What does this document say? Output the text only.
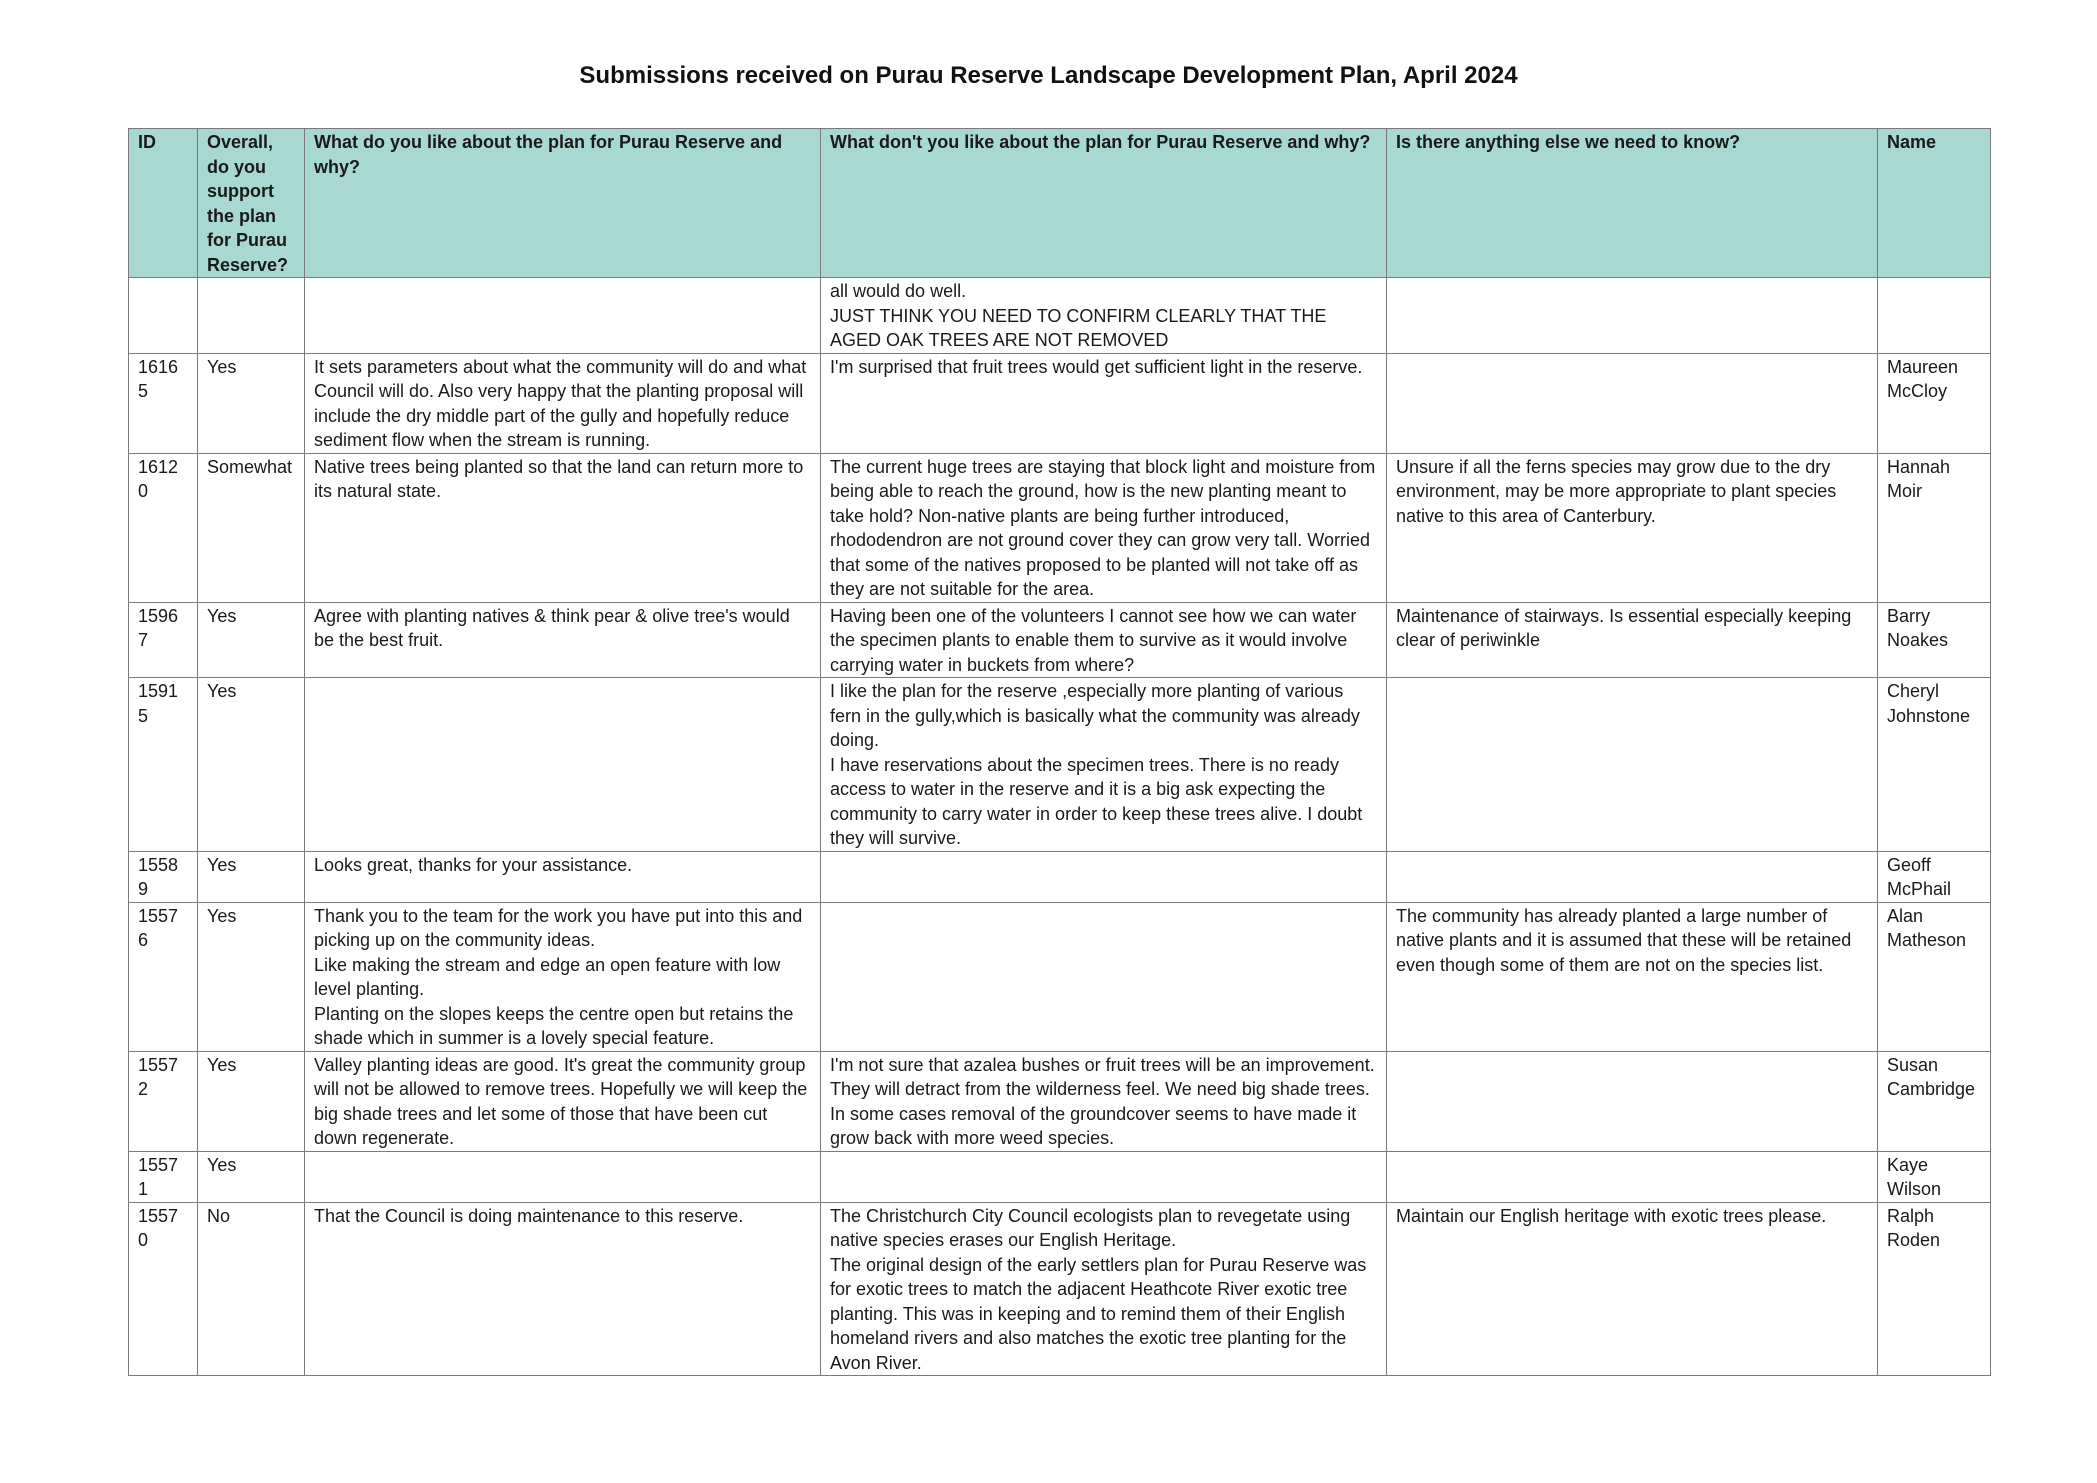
Submissions received on Purau Reserve Landscape Development Plan, April 2024
ID	Overall, do you support the plan for Purau Reserve?	What do you like about the plan for Purau Reserve and why?	What don't you like about the plan for Purau Reserve and why?	Is there anything else we need to know?	Name
			all would do well.
JUST THINK YOU NEED TO CONFIRM CLEARLY THAT THE AGED OAK TREES ARE NOT REMOVED		
16165	Yes	It sets parameters about what the community will do and what Council will do. Also very happy that the planting proposal will include the dry middle part of the gully and hopefully reduce sediment flow when the stream is running.	I'm surprised that fruit trees would get sufficient light in the reserve.		Maureen McCloy
16120	Somewhat	Native trees being planted so that the land can return more to its natural state.	The current huge trees are staying that block light and moisture from being able to reach the ground, how is the new planting meant to take hold? Non-native plants are being further introduced, rhododendron are not ground cover they can grow very tall. Worried that some of the natives proposed to be planted will not take off as they are not suitable for the area.	Unsure if all the ferns species may grow due to the dry environment, may be more appropriate to plant species native to this area of Canterbury.	Hannah Moir
15967	Yes	Agree with planting natives & think pear & olive tree's would be the best fruit.	Having been one of the volunteers I cannot see how we can water the specimen plants to enable them to survive as it would involve carrying water in buckets from where?	Maintenance of stairways. Is essential especially keeping clear of periwinkle	Barry Noakes
15915	Yes		I like the plan for the reserve ,especially more planting of various fern in the gully,which is basically what the community was already doing.
I have reservations about the specimen trees. There is no ready access to water in the reserve and it is a big ask expecting the community to carry water in order to keep these trees alive. I doubt they will survive.		Cheryl Johnstone
15589	Yes	Looks great, thanks for your assistance.			Geoff McPhail
15576	Yes	Thank you to the team for the work you have put into this and picking up on the community ideas.
Like making the stream and edge an open feature with low level planting.
Planting on the slopes keeps the centre open but retains the shade which in summer is a lovely special feature.		The community has already planted a large number of native plants and it is assumed that these will be retained even though some of them are not on the species list.	Alan Matheson
15572	Yes	Valley planting ideas are good. It's great the community group will not be allowed to remove trees. Hopefully we will keep the big shade trees and let some of those that have been cut down regenerate.	I'm not sure that azalea bushes or fruit trees will be an improvement. They will detract from the wilderness feel. We need big shade trees. In some cases removal of the groundcover seems to have made it grow back with more weed species.		Susan Cambridge
15571	Yes				Kaye Wilson
15570	No	That the Council is doing maintenance to this reserve.	The Christchurch City Council ecologists plan to revegetate using native species erases our English Heritage.
The original design of the early settlers plan for Purau Reserve was for exotic trees to match the adjacent Heathcote River exotic tree planting. This was in keeping and to remind them of their English homeland rivers and also matches the exotic tree planting for the Avon River.	Maintain our English heritage with exotic trees please.	Ralph Roden
